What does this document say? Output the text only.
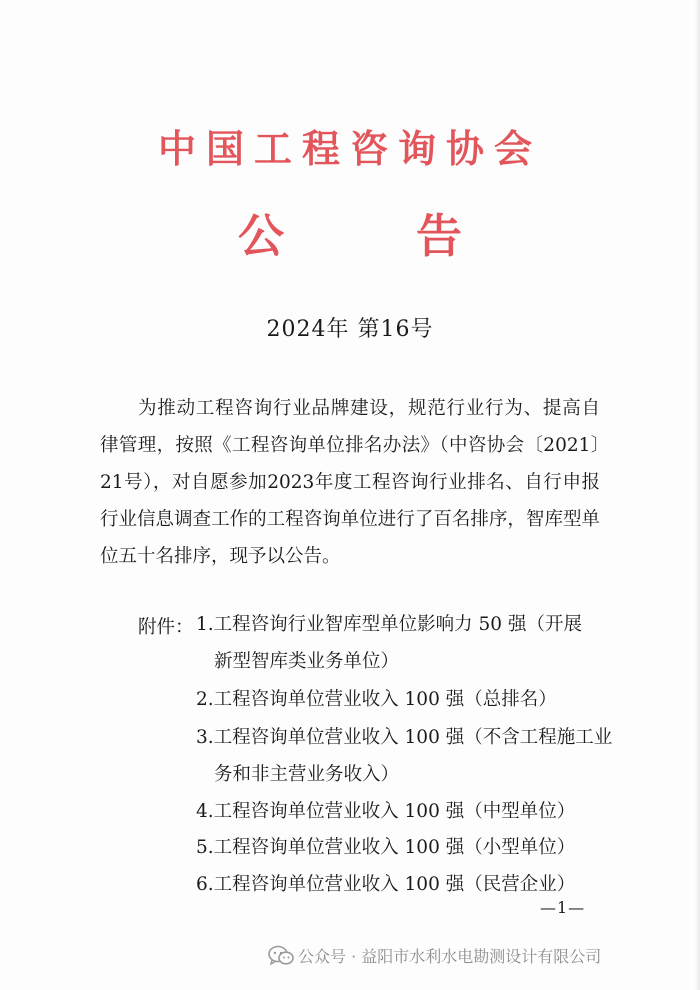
中国工程咨询协会
公 告
2024年 第16号
为推动工程咨询行业品牌建设，规范行业行为、提高自律管理，按照《工程咨询单位排名办法》（中咨协会〔2021〕21号），对自愿参加2023年度工程咨询行业排名、自行申报行业信息调查工作的工程咨询单位进行了百名排序，智库型单位五十名排序，现予以公告。
附件： 1.工程咨询行业智库型单位影响力 50 强（开展
新型智库类业务单位）
2.工程咨询单位营业收入 100 强（总排名）
3.工程咨询单位营业收入 100 强（不含工程施工业
务和非主营业务收入）
4.工程咨询单位营业收入 100 强（中型单位）
5.工程咨询单位营业收入 100 强（小型单位）
6.工程咨询单位营业收入 100 强（民营企业）
—1—
公众号 · 益阳市水利水电勘测设计有限公司
